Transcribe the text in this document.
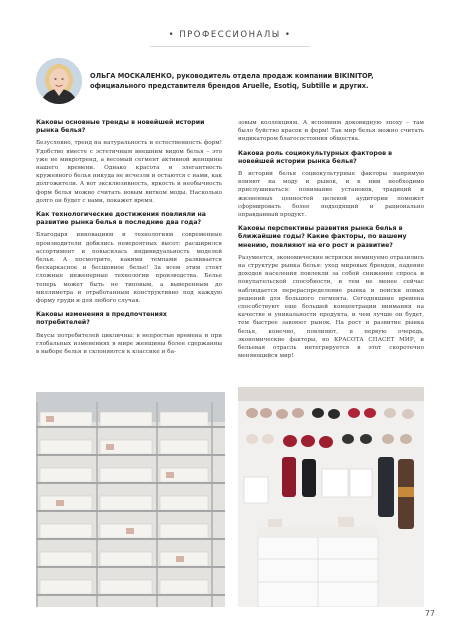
• ПРОФЕССИОНАЛЫ •
ОЛЬГА МОСКАЛЕНКО, руководитель отдела продаж компании BIKINITOP, официального представителя брендов Aruelle, Esotiq, Subtille и других.
Каковы основные тренды в новейшей истории рынка белья?

Безусловно, тренд на натуральность и естественность форм! Удобство вместе с эстетичным внешним видом белья – это уже не микротренд, а весомый сегмент активной женщины нашего времени. Однако красота и элегантность кружевного белья никуда не исчезли и остаются с нами, как долгожители. А вот эксклюзивность, яркость и необычность форм белья можно считать новым витком моды. Насколько долго он будет с нами, покажет время.

Как технологические достижения повлияли на развитие рынка белья в последние два года?

Благодаря инновациям и технологиям современные производители добились невероятных высот: расширился ассортимент и повысилась индивидуальность моделей белья. А посмотрите, какими темпами развивается бескаркасное и бесшовное белье! За всем этим стоят сложные инженерные технологии производства. Белье теперь может быть не типовым, а выверенным до миллиметра и отработанным конструктивно под каждую форму груди и для любого случая.

Каковы изменения в предпочтениях потребителей?

Вкусы потребителей цикличны: в непростые времена и при глобальных изменениях в мире женщины более сдержанны в выборе белья и склоняются к классике и ба-

зовым коллекциям. А вспомним доковидную эпоху – там было буйство красок и форм! Так мир белья можно считать индикатором благосостояния общества.

Какова роль социокультурных факторов в новейшей истории рынка белья?

В истории белья социокультурные факторы напрямую влияют на моду и рынок, и к ним необходимо прислушиваться: понимание установок, традиций и жизненных ценностей целевой аудитории поможет сформировать более подходящий и рационально оправданный продукт.

Каковы перспективы развития рынка белья в ближайшие годы? Какие факторы, по вашему мнению, повлияют на его рост и развитие?

Разумеется, экономические встряски неминуемо отразились на структуре рынка белья: уход мировых брендов, падение доходов населения повлекли за собой снижение спроса и покупательской способности, и тем не менее сейчас наблюдается перераспределение рынка и поиски новых решений для большого сегмента. Сегодняшние времена способствуют еще большей концентрации внимания на качестве и уникальности продукта, и чем лучше он будет, тем быстрее завоюет рынок. На рост и развитие рынка белья, конечно, повлияют, в первую очередь, экономические факторы, но КРАСОТА СПАСЕТ МИР, и бельевая отрасль интегрируется в этот скоротечно меняющийся мир!

77
